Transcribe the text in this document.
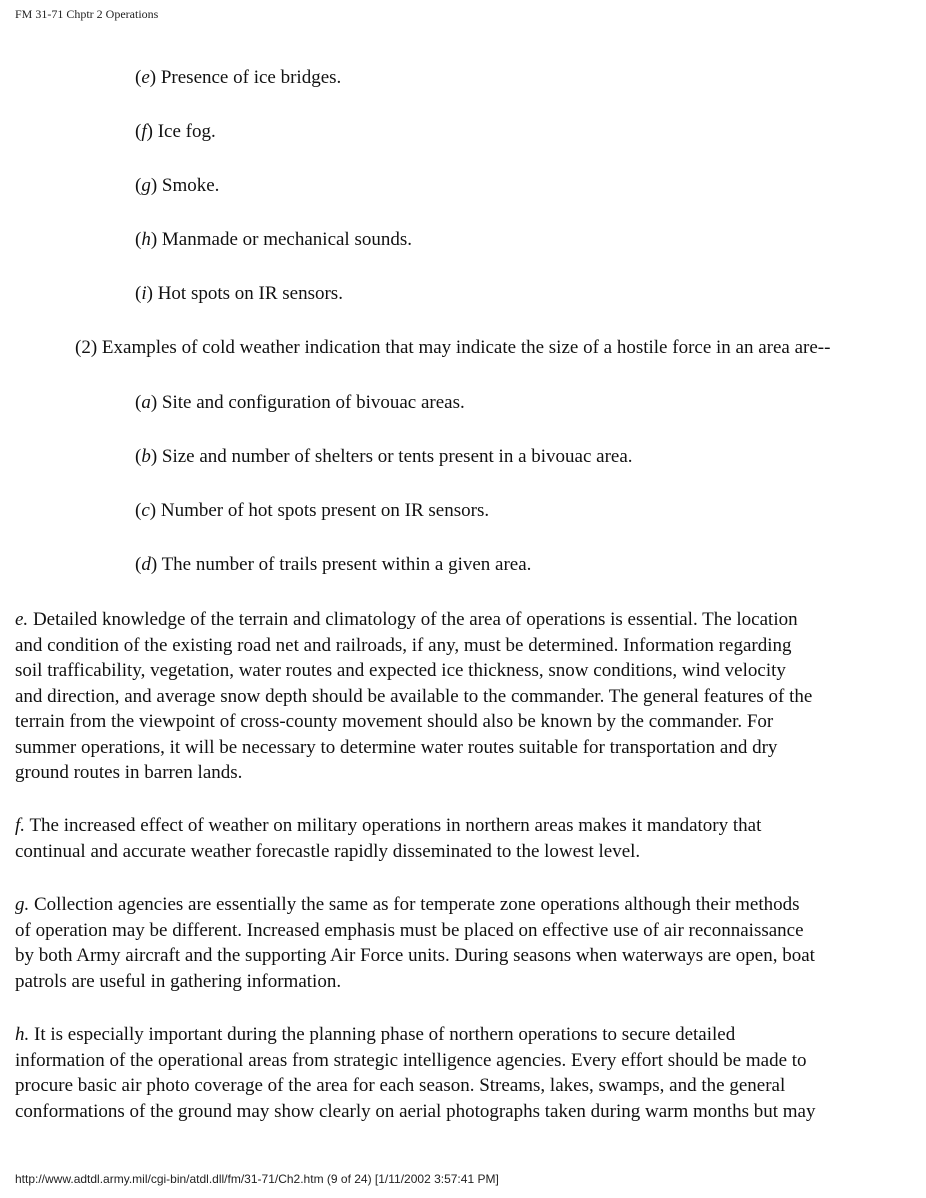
FM 31-71 Chptr 2 Operations
(e) Presence of ice bridges.
(f) Ice fog.
(g) Smoke.
(h) Manmade or mechanical sounds.
(i) Hot spots on IR sensors.
(2) Examples of cold weather indication that may indicate the size of a hostile force in an area are--
(a) Site and configuration of bivouac areas.
(b) Size and number of shelters or tents present in a bivouac area.
(c) Number of hot spots present on IR sensors.
(d) The number of trails present within a given area.
e. Detailed knowledge of the terrain and climatology of the area of operations is essential. The location
and condition of the existing road net and railroads, if any, must be determined. Information regarding
soil trafficability, vegetation, water routes and expected ice thickness, snow conditions, wind velocity
and direction, and average snow depth should be available to the commander. The general features of the
terrain from the viewpoint of cross-county movement should also be known by the commander. For
summer operations, it will be necessary to determine water routes suitable for transportation and dry
ground routes in barren lands.
f. The increased effect of weather on military operations in northern areas makes it mandatory that
continual and accurate weather forecastle rapidly disseminated to the lowest level.
g. Collection agencies are essentially the same as for temperate zone operations although their methods
of operation may be different. Increased emphasis must be placed on effective use of air reconnaissance
by both Army aircraft and the supporting Air Force units. During seasons when waterways are open, boat
patrols are useful in gathering information.
h. It is especially important during the planning phase of northern operations to secure detailed
information of the operational areas from strategic intelligence agencies. Every effort should be made to
procure basic air photo coverage of the area for each season. Streams, lakes, swamps, and the general
conformations of the ground may show clearly on aerial photographs taken during warm months but may
http://www.adtdl.army.mil/cgi-bin/atdl.dll/fm/31-71/Ch2.htm (9 of 24) [1/11/2002 3:57:41 PM]
